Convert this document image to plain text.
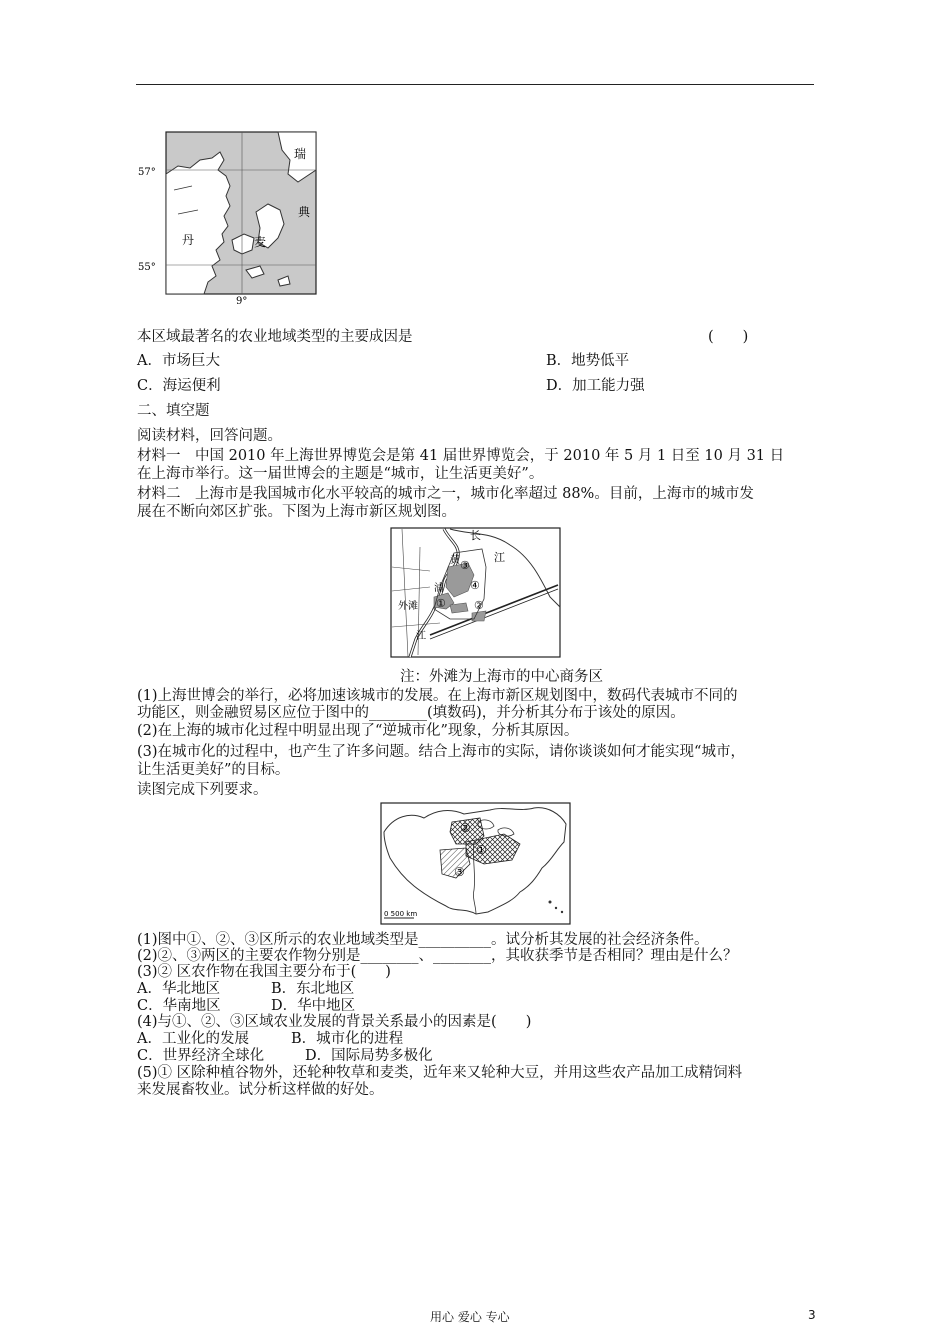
57°
55°
9°
瑞
典
丹	麦
本区域最著名的农业地域类型的主要成因是	(　　)
A．市场巨大	B．地势低平
C．海运便利	D．加工能力强
二、填空题
阅读材料，回答问题。
材料一　中国 2010 年上海世界博览会是第 41 届世界博览会，于 2010 年 5 月 1 日至 10 月 31 日
在上海市举行。这一届世博会的主题是“城市，让生活更美好”。
材料二　上海市是我国城市化水平较高的城市之一，城市化率超过 88%。目前，上海市的城市发
展在不断向郊区扩张。下图为上海市新区规划图。
长
江
黄
浦
江
外滩 ①	②
③
④
注：外滩为上海市的中心商务区
(1)上海世博会的举行，必将加速该城市的发展。在上海市新区规划图中，数码代表城市不同的
功能区，则金融贸易区应位于图中的________(填数码)，并分析其分布于该处的原因。
(2)在上海的城市化过程中明显出现了“逆城市化”现象，分析其原因。
(3)在城市化的过程中，也产生了许多问题。结合上海市的实际，请你谈谈如何才能实现“城市，
让生活更美好”的目标。
读图完成下列要求。
②
①
③
0 500 km
(1)图中①、②、③区所示的农业地域类型是__________。试分析其发展的社会经济条件。
(2)②、③两区的主要农作物分别是________、________，其收获季节是否相同？理由是什么？
(3)② 区农作物在我国主要分布于(　　)
A．华北地区	B．东北地区
C．华南地区	D．华中地区
(4)与①、②、③区域农业发展的背景关系最小的因素是(　　)
A．工业化的发展	B．城市化的进程
C．世界经济全球化	D．国际局势多极化
(5)① 区除种植谷物外，还轮种牧草和麦类，近年来又轮种大豆，并用这些农产品加工成精饲料
来发展畜牧业。试分析这样做的好处。
用心 爱心 专心	3
